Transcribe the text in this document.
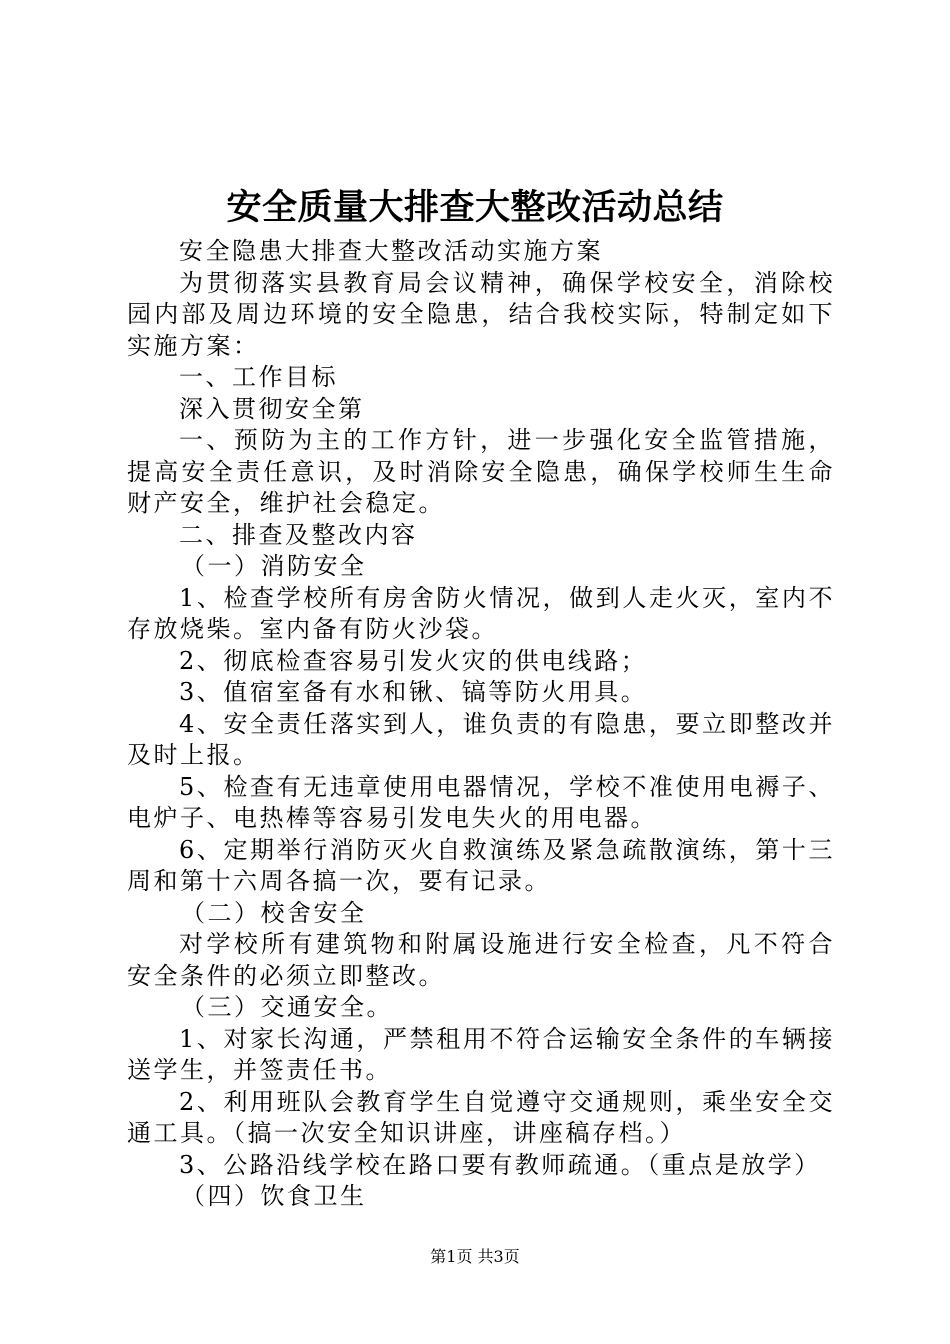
安全质量大排查大整改活动总结

安全隐患大排查大整改活动实施方案

为贯彻落实县教育局会议精神，确保学校安全，消除校园内部及周边环境的安全隐患，结合我校实际，特制定如下实施方案：

一、工作目标

深入贯彻安全第

一、预防为主的工作方针，进一步强化安全监管措施，提高安全责任意识，及时消除安全隐患，确保学校师生生命财产安全，维护社会稳定。

二、排查及整改内容

（一）消防安全

1、检查学校所有房舍防火情况，做到人走火灭，室内不存放烧柴。室内备有防火沙袋。

2、彻底检查容易引发火灾的供电线路；

3、值宿室备有水和锹、镐等防火用具。

4、安全责任落实到人，谁负责的有隐患，要立即整改并及时上报。

5、检查有无违章使用电器情况，学校不准使用电褥子、电炉子、电热棒等容易引发电失火的用电器。

6、定期举行消防灭火自救演练及紧急疏散演练，第十三周和第十六周各搞一次，要有记录。

（二）校舍安全

对学校所有建筑物和附属设施进行安全检查，凡不符合安全条件的必须立即整改。

（三）交通安全。

1、对家长沟通，严禁租用不符合运输安全条件的车辆接送学生，并签责任书。

2、利用班队会教育学生自觉遵守交通规则，乘坐安全交通工具。（搞一次安全知识讲座，讲座稿存档。）

3、公路沿线学校在路口要有教师疏通。（重点是放学）

（四）饮食卫生

第1页 共3页
